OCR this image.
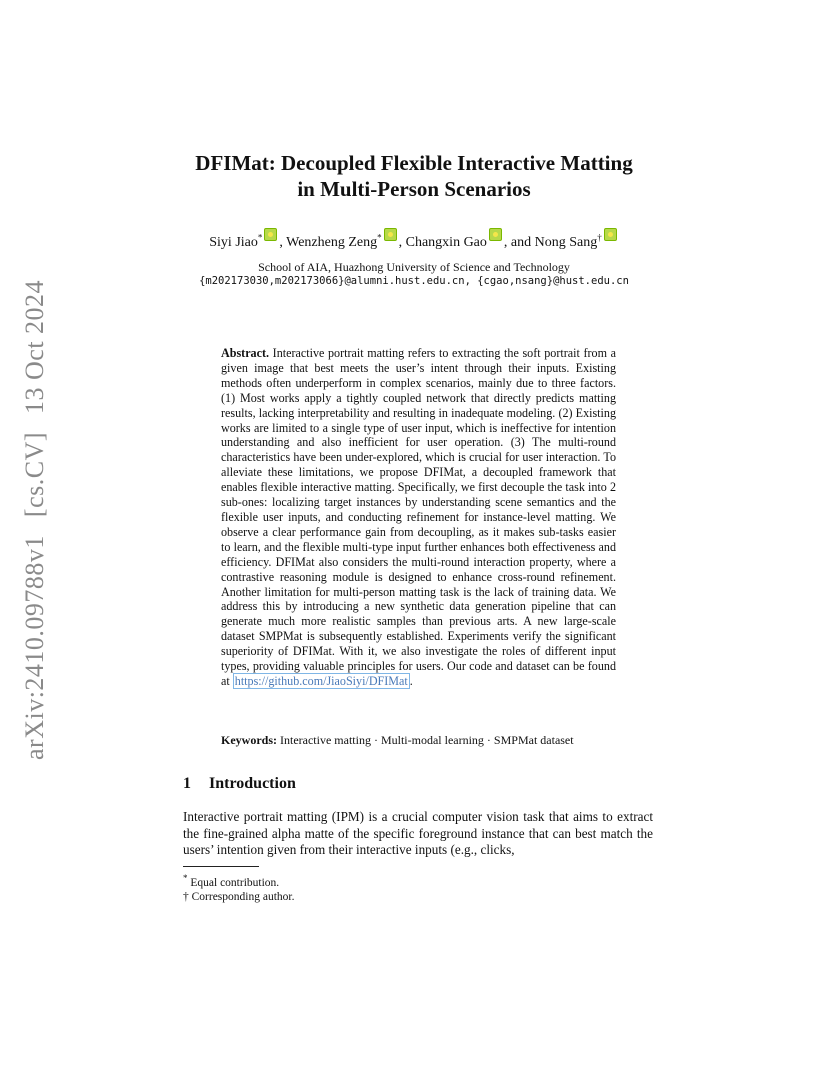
arXiv:2410.09788v1[cs.CV]13 Oct 2024
DFIMat: Decoupled Flexible Interactive Matting
in Multi-Person Scenarios
Siyi Jiao* , Wenzheng Zeng* , Changxin Gao , and Nong Sang†
School of AIA, Huazhong University of Science and Technology
{m202173030,m202173066}@alumni.hust.edu.cn, {cgao,nsang}@hust.edu.cn
Abstract. Interactive portrait matting refers to extracting the soft portrait from a given image that best meets the user’s intent through their inputs. Existing methods often underperform in complex scenarios, mainly due to three factors. (1) Most works apply a tightly coupled network that directly predicts matting results, lacking interpretability and resulting in inadequate modeling. (2) Existing works are limited to a single type of user input, which is ineffective for intention understanding and also inefficient for user operation. (3) The multi-round characteristics have been under-explored, which is crucial for user interaction. To alleviate these limitations, we propose DFIMat, a decoupled framework that enables flexible interactive matting. Specifically, we first decouple the task into 2 sub-ones: localizing target instances by understanding scene semantics and the flexible user inputs, and conducting refinement for instance-level matting. We observe a clear performance gain from decoupling, as it makes sub-tasks easier to learn, and the flexible multi-type input further enhances both effectiveness and efficiency. DFIMat also considers the multi-round interaction property, where a contrastive reasoning module is designed to enhance cross-round refinement. Another limitation for multi-person matting task is the lack of training data. We address this by introducing a new synthetic data generation pipeline that can generate much more realistic samples than previous arts. A new large-scale dataset SMPMat is subsequently established. Experiments verify the significant superiority of DFIMat. With it, we also investigate the roles of different input types, providing valuable principles for users. Our code and dataset can be found at https://github.com/JiaoSiyi/DFIMat .
Keywords: Interactive matting · Multi-modal learning · SMPMat dataset
1 Introduction
Interactive portrait matting (IPM) is a crucial computer vision task that aims to extract the fine-grained alpha matte of the specific foreground instance that can best match the users’ intention given from their interactive inputs (e.g., clicks,
* Equal contribution.
† Corresponding author.
